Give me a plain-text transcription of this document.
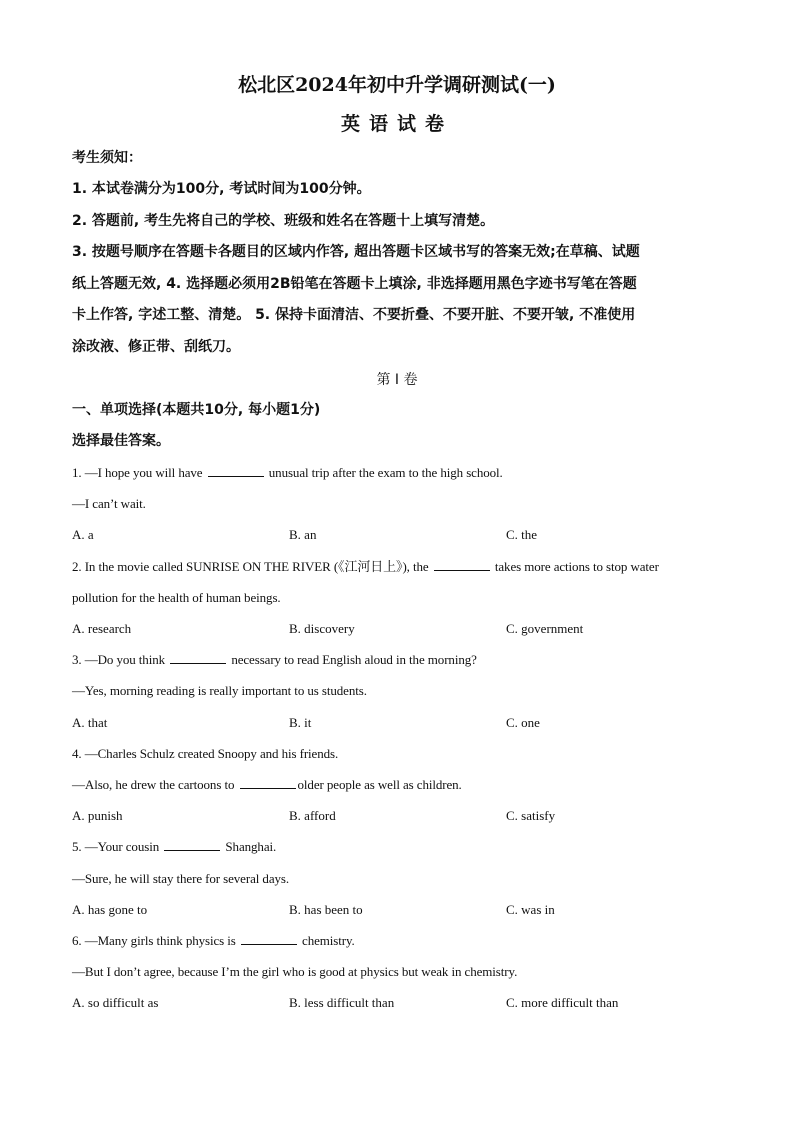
松北区2024年初中升学调研测试(一)
英语试卷

考生须知：

1. 本试卷满分为100分, 考试时间为100分钟。

2. 答题前, 考生先将自己的学校、班级和姓名在答题十上填写清楚。

3. 按题号顺序在答题卡各题目的区域内作答, 超出答题卡区域书写的答案无效;在草稿、试题

纸上答题无效, 4. 选择题必须用2B铅笔在答题卡上填涂, 非选择题用黑色字迹书写笔在答题

卡上作答, 字述工整、清楚。 5. 保持卡面清洁、不要折叠、不要开脏、不要开皱, 不准使用

涂改液、修正带、刮纸刀。

第 I 卷

一、单项选择(本题共10分, 每小题1分)

选择最佳答案。

1. —I hope you will have	unusual trip after the exam to the high school.

—I can’t wait.

A. a	B. an	C. the

2. In the movie called SUNRISE ON THE RIVER (《江河日上》), the	takes more actions to stop water

pollution for the health of human beings.

A. research	B. discovery	C. government

3. —Do you think	necessary to read English aloud in the morning?

—Yes, morning reading is really important to us students.

A. that	B. it	C. one

4. —Charles Schulz created Snoopy and his friends.

—Also, he drew the cartoons to	older people as well as children.

A. punish	B. afford	C. satisfy

5. —Your cousin	Shanghai.

—Sure, he will stay there for several days.

A. has gone to	B. has been to	C. was in

6. —Many girls think physics is	chemistry.

—But I don’t agree, because I’m the girl who is good at physics but weak in chemistry.

A. so difficult as	B. less difficult than	C. more difficult than
